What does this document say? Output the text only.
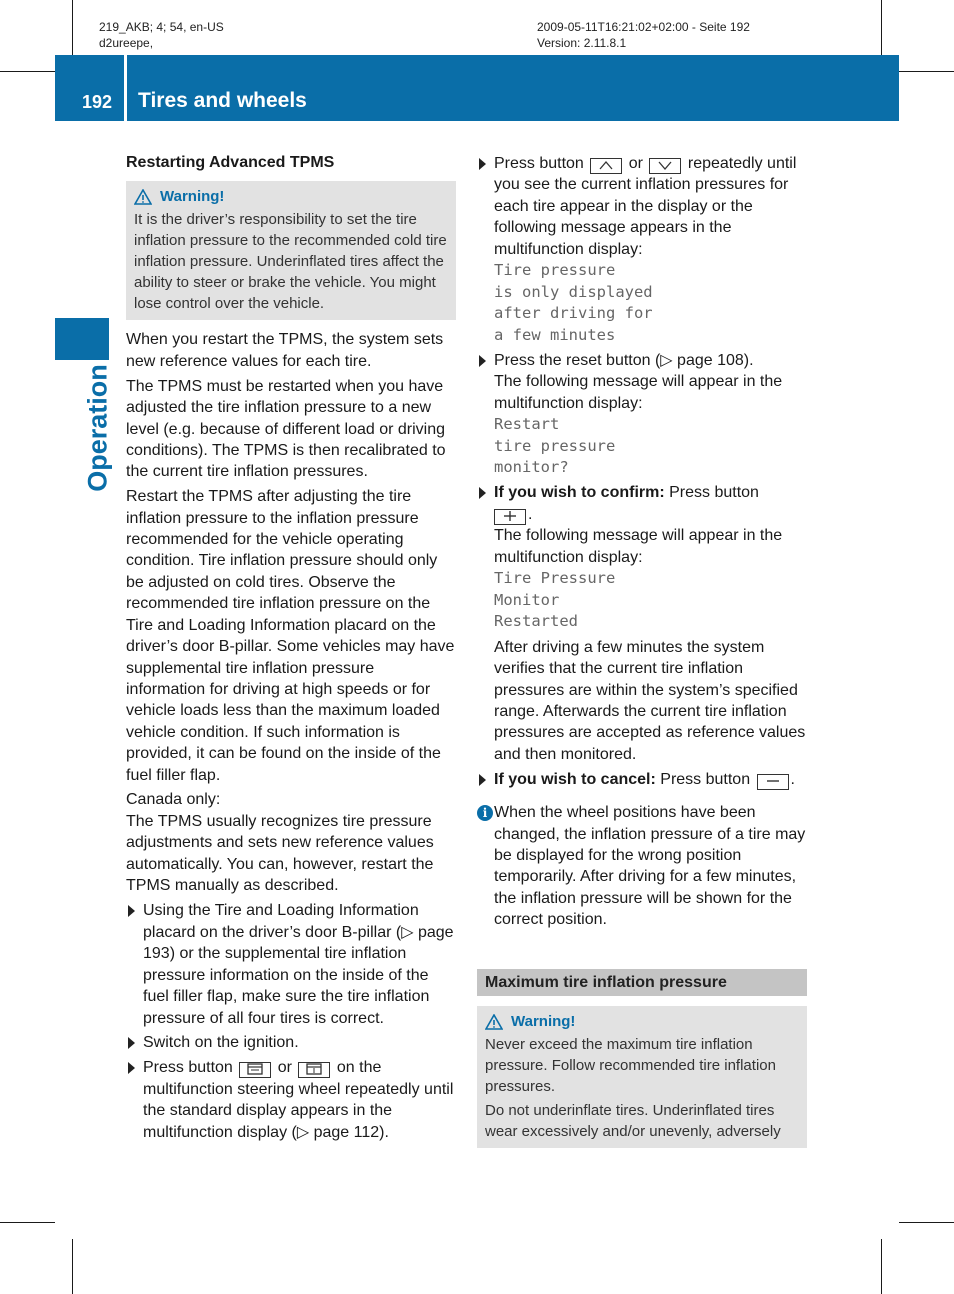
219_AKB; 4; 54, en-US
d2ureepe,
2009-05-11T16:21:02+02:00 - Seite 192
Version: 2.11.8.1
192 Tires and wheels
Operation
Restarting Advanced TPMS
Warning!

It is the driver’s responsibility to set the tire inflation pressure to the recommended cold tire inflation pressure. Underinflated tires affect the ability to steer or brake the vehicle. You might lose control over the vehicle.

When you restart the TPMS, the system sets new reference values for each tire.

The TPMS must be restarted when you have adjusted the tire inflation pressure to a new level (e.g. because of different load or driving conditions). The TPMS is then recalibrated to the current tire inflation pressures.

Restart the TPMS after adjusting the tire inflation pressure to the inflation pressure recommended for the vehicle operating condition. Tire inflation pressure should only be adjusted on cold tires. Observe the recommended tire inflation pressure on the Tire and Loading Information placard on the driver’s door B-pillar. Some vehicles may have supplemental tire inflation pressure information for driving at high speeds or for vehicle loads less than the maximum loaded vehicle condition. If such information is provided, it can be found on the inside of the fuel filler flap.

Canada only:
The TPMS usually recognizes tire pressure adjustments and sets new reference values automatically. You can, however, restart the TPMS manually as described.

Using the Tire and Loading Information placard on the driver’s door B-pillar (▷ page 193) or the supplemental tire inflation pressure information on the inside of the fuel filler flap, make sure the tire inflation pressure of all four tires is correct.
Switch on the ignition.
Press button	or	on the multifunction steering wheel repeatedly until the standard display appears in the multifunction display (▷ page 112).
Press button	or	repeatedly until you see the current inflation pressures for each tire appear in the display or the following message appears in the multifunction display:
Tire pressure
is only displayed
after driving for
a few minutes
Press the reset button (▷ page 108).
The following message will appear in the multifunction display:
Restart
tire pressure
monitor?
If you wish to confirm: Press button
.
The following message will appear in the multifunction display:
Tire Pressure
Monitor
Restarted
After driving a few minutes the system verifies that the current tire inflation pressures are within the system’s specified range. Afterwards the current tire inflation pressures are accepted as reference values and then monitored.
If you wish to cancel: Press button	.
i When the wheel positions have been changed, the inflation pressure of a tire may be displayed for the wrong position temporarily. After driving for a few minutes, the inflation pressure will be shown for the correct position.
Maximum tire inflation pressure
Warning!

Never exceed the maximum tire inflation pressure. Follow recommended tire inflation pressures.

Do not underinflate tires. Underinflated tires wear excessively and/or unevenly, adversely
